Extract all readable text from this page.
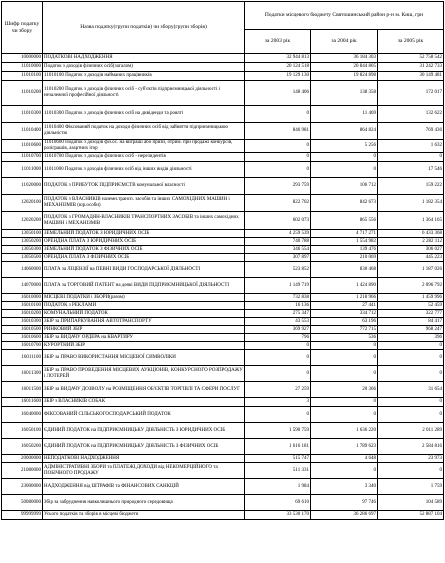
Шифр податку чи збору	Назва податку(групи податків) чи збору(групи зборів)	Податки місцевого бюджету Святошинський район р-н м. Киш, грн		
		за 2003 рік	за 2004 рік	за 2005 рік
10000000	ПОДАТКОВІ НАДХОДЖЕННЯ	32 944 813	36 184 303	52 758 542
11010000	Податок з доходів фізичних осіб(загалом)	20 124 518	20 844 805	31 242 733
11010100	11010100 Податок з доходів найманих працівників	19 129 130	19 824 898	30 149 481
11010200	11010200 Податок з доходів фізичних осіб - суб'єктів підприємницької діяльності і незалежної професійної діяльності	148 406	138 358	172 017
11010300	11010300 Податок з доходів фізичних осіб на дивіденди та роялті	0	11 469	132 622
11010400	11010400 Фіксований податок на доходи фізичних осіб від зайняття підприємницькою діяльністю	846 981	864 824	769 436
11010600	11010600 Податок з доходів фіз.ос. на виграші або призи, отрим. при продажі конкурсів, розіграшів, азартних ігор	0	5 256	1 632
11010700	11010700 Податок з доходів фізичних осіб - нерезидентів	0	0	0
11011000	11011000 Податок з доходів фізичних осіб від інших видів діяльності	0	0	17 546
11020000	ПОДАТОК з ПРИБУТОК ПІДПРИЄМСТВ комунальної власності	293 759	106 712	159 222
12020100	ПОДАТОК з ВЛАСНИКІВ наземн.трансп. засобів та інших САМОХІДНИХ МАШИН і МЕХАНІЗМІВ (юр.особи)	822 702	842 673	1 182 354
12020200	ПОДАТОК з ГРОМАДЯН-ВЛАСНИКІВ ТРАНСПОРТНИХ ЗАСОБІВ та інших самохідних МАШИН і МЕХАНІЗМІВ	602 073	865 556	1 364 165
13050100	ЗЕМЕЛЬНИЙ ПОДАТОК З ЮРИДИЧНИХ ОСІБ	4 259 539	4 717 271	6 433 368
13050200	ОРЕНДНА ПЛАТА З ЮРИДИЧНИХ ОСІБ	740 788	1 554 982	2 282 112
13050300	ЗЕМЕЛЬНИЙ ПОДАТОК З ФІЗИЧНИХ ОСІБ	346 554	139 476	306 027
13050500	ОРЕНДНА ПЛАТА З ФІЗИЧНИХ ОСІБ	307 897	210 069	445 223
14060000	ПЛАТА за ЛІЦЕНЗІЇ на ПЕВНІ ВИДИ ГОСПОДАРСЬКОЇ ДІЯЛЬНОСТІ	523 852	830 468	1 187 026
14070000	ПЛАТА за ТОРГОВИЙ ПАТЕНТ на деякі ВИДИ ПІДПРИЄМНИЦЬКОЇ ДІЯЛЬНОСТІ	1 149 719	1 424 890	2 096 792
16010000	МІСЦЕВІ ПОДАТКИ і ЗБОРИ(разом)	732 838	1 218 966	1 459 996
16010100	ПОДАТОК з РЕКЛАМИ	16 136	27 441	52 459
16010200	КОМУНАЛЬНИЙ ПОДАТОК	275 347	334 712	322 777
16010300	ЗБІР за ПРИПАРКУВАННЯ АВТОТРАНСПОРТУ	43 553	63 196	84 417
16010500	РИНКОВИЙ ЗБІР	369 927	772 715	968 247
16010600	ЗБІР за ВИДАЧУ ОРДЕРА на КВАРТИРУ	796	536	396
16010700	КУРОРТНИЙ ЗБІР	0	0	0
16011100	ЗБІР за ПРАВО ВИКОРИСТАННЯ МІСЦЕВОЇ СИМВОЛІКИ	0	0	0
16011300	ЗБІР за ПРАВО ПРОВЕДЕННЯ МІСЦЕВИХ АУКЦІОНІВ, КОНКУРСНОГО РОЗПРОДАЖУ і ЛОТЕРЕЙ	0	0	0
16011500	ЗБІР за ВИДАЧУ ДОЗВОЛУ на РОЗМІЩЕННЯ ОБ'ЄКТІВ ТОРГІВЛІ ТА СФЕРИ ПОСЛУГ	27 259	20 366	31 654
16011600	ЗБІР з ВЛАСНИКІВ СОБАК	3	0	0
16040000	ФІКСОВАНИЙ СІЛЬСЬКОГОСПОДАРСЬКИЙ ПОДАТОК	0	0	0
16050100	ЄДИНИЙ ПОДАТОК на ПІДПРИЄМНИЦЬКУ ДІЯЛЬНІСТЬ З ЮРИДИЧНИХ ОСІБ	1 590 759	1 636 220	2 011 289
16050200	ЄДИНИЙ ПОДАТОК на ПІДПРИЄМНИЦЬКУ ДІЯЛЬНІСТЬ З ФІЗИЧНИХ ОСІБ	1 616 181	1 789 623	2 584 816
20000000	НЕПОДАТКОВІ НАДХОДЖЕННЯ	515 747	4 648	23 973
21080000	АДМІНІСТРАТИВНІ ЗБОРИ та ПЛАТЕЖІ,ДОХОДИ від НЕКОМЕРЦІЙНОГО та ПОБІЧНОГО ПРОДАЖУ	511 331	0	0
23000000	НАДХОДЖЕННЯ від ШТРАФІВ та ФІНАНСОВИХ САНКЦІЙ	1 984	3 340	1 759
50080000	Збір за забруднення навколишнього природного середовища	69 610	97 746	104 589
99999999	Усього податків та зборів в місцеві бюджети	33 530 170	36 286 697	52 887 104
